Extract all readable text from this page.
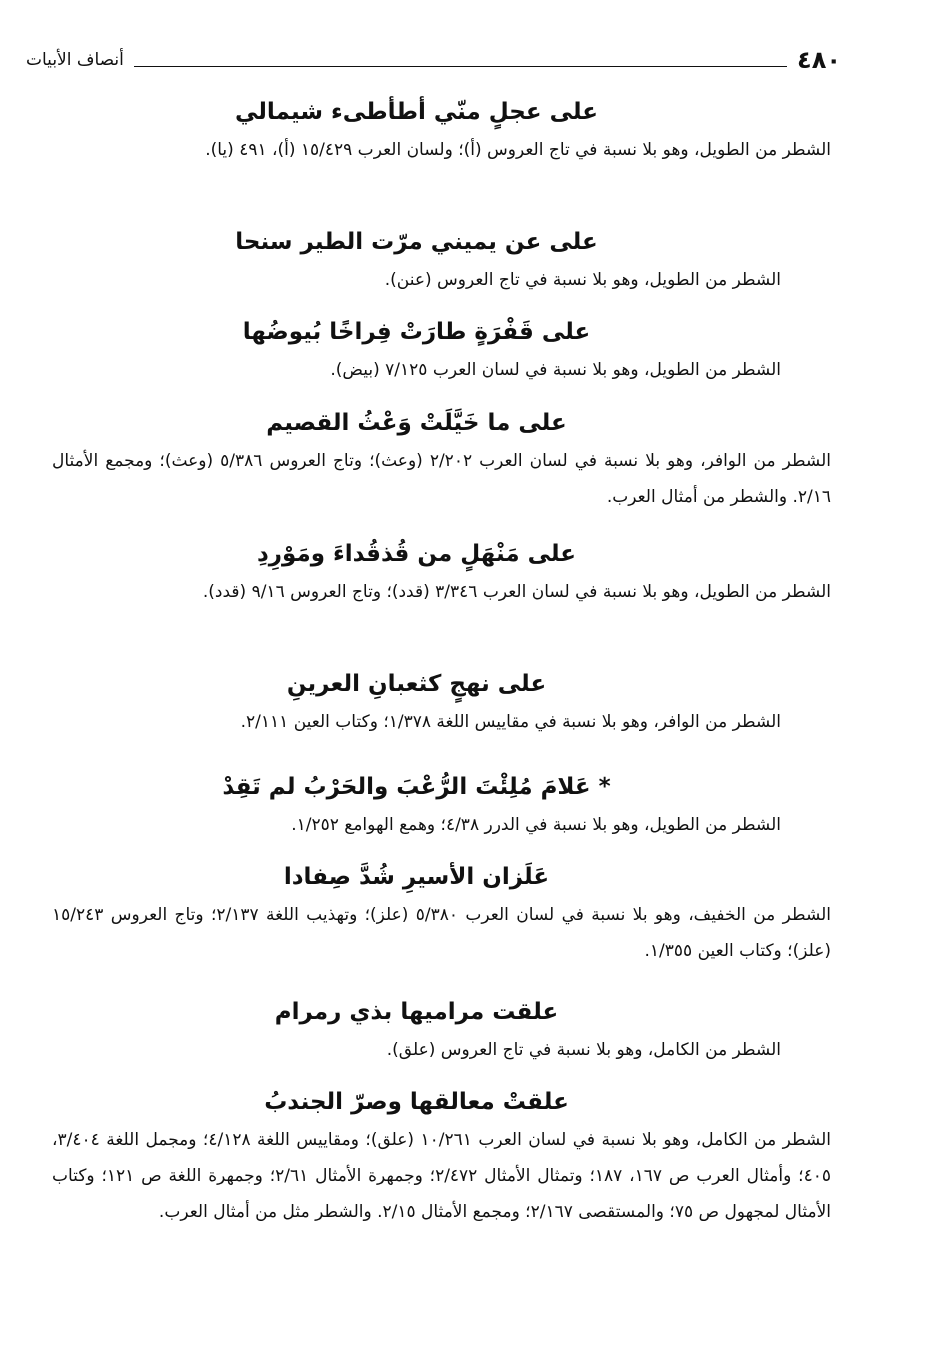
أنصاف الأبيات	٤٨٠
على عجلٍ منّي أطأطىء شيمالي
الشطر من الطويل، وهو بلا نسبة في تاج العروس (أ)؛ ولسان العرب ١٥/٤٢٩ (أ)، ٤٩١ (يا).
على عن يميني مرّت الطير سنحا
الشطر من الطويل، وهو بلا نسبة في تاج العروس (عنن).
على قَفْرَةٍ طارَتْ فِراخًا بُيوضُها
الشطر من الطويل، وهو بلا نسبة في لسان العرب ٧/١٢٥ (بيض).
على ما خَيَّلَتْ وَعْثُ القصيم
الشطر من الوافر، وهو بلا نسبة في لسان العرب ٢/٢٠٢ (وعث)؛ وتاج العروس ٥/٣٨٦ (وعث)؛ ومجمع الأمثال ٢/١٦. والشطر من أمثال العرب.
على مَنْهَلٍ من قُذقُداءَ ومَوْرِدِ
الشطر من الطويل، وهو بلا نسبة في لسان العرب ٣/٣٤٦ (قدد)؛ وتاج العروس ٩/١٦ (قدد).
على نهجٍ كثعبانِ العرينِ
الشطر من الوافر، وهو بلا نسبة في مقاييس اللغة ١/٣٧٨؛ وكتاب العين ٢/١١١.
* عَلامَ مُلِئْتَ الرُّعْبَ والحَرْبُ لم تَقِدْ
الشطر من الطويل، وهو بلا نسبة في الدرر ٤/٣٨؛ وهمع الهوامع ١/٢٥٢.
عَلَزان الأسيرِ شُدَّ صِفادا
الشطر من الخفيف، وهو بلا نسبة في لسان العرب ٥/٣٨٠ (علز)؛ وتهذيب اللغة ٢/١٣٧؛ وتاج العروس ١٥/٢٤٣ (علز)؛ وكتاب العين ١/٣٥٥.
علقت مراميها بذي رمرام
الشطر من الكامل، وهو بلا نسبة في تاج العروس (علق).
علقتْ معالقها وصرّ الجندبُ
الشطر من الكامل، وهو بلا نسبة في لسان العرب ١٠/٢٦١ (علق)؛ ومقاييس اللغة ٤/١٢٨؛ ومجمل اللغة ٣/٤٠٤، ٤٠٥؛ وأمثال العرب ص ١٦٧، ١٨٧؛ وتمثال الأمثال ٢/٤٧٢؛ وجمهرة الأمثال ٢/٦١؛ وجمهرة اللغة ص ١٢١؛ وكتاب الأمثال لمجهول ص ٧٥؛ والمستقصى ٢/١٦٧؛ ومجمع الأمثال ٢/١٥. والشطر مثل من أمثال العرب.
